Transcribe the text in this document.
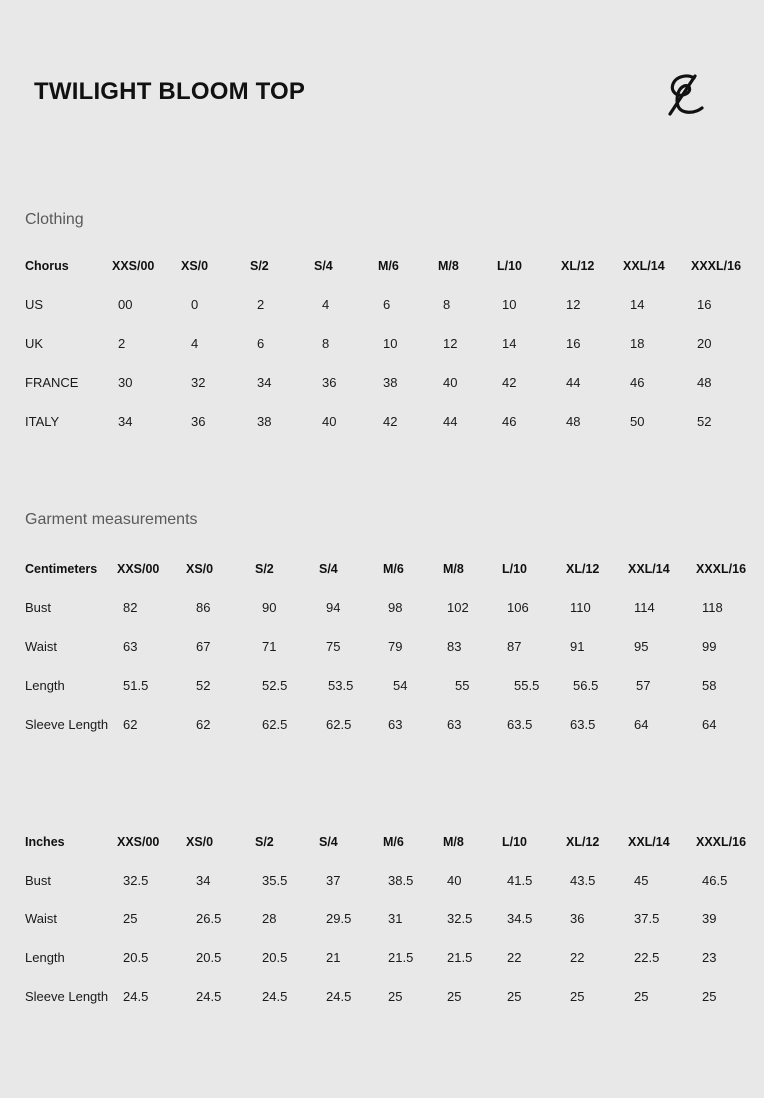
TWILIGHT BLOOM TOP
Clothing
Garment measurements
Chorus	XXS/00 XS/0	S/2	S/4	M/6	M/8	L/10	XL/12 XXL/14 XXXL/16
US	00	0	2	4	6	8	10	12	14	16
UK	2	4	6	8	10	12	14	16	18	20
FRANCE	30	32	34	36	38	40	42	44	46	48
ITALY	34	36	38	40	42	44	46	48	50	52
Centimeters XXS/00 XS/0	S/2	S/4	M/6	M/8	L/10	XL/12 XXL/14 XXXL/16
Bust	82	86	90	94	98	102	106	110	114	118
Waist	63	67	71	75	79	83	87	91	95	99
Length	51.5	52	52.5	53.5	54	55	55.5	56.5	57	58
Sleeve Length 62	62	62.5	62.5	63	63	63.5	63.5	64	64
Inches	XXS/00 XS/0	S/2	S/4	M/6	M/8	L/10	XL/12 XXL/14 XXXL/16
Bust	32.5	34	35.5	37	38.5	40	41.5	43.5	45	46.5
Waist	25	26.5	28	29.5	31	32.5	34.5	36	37.5	39
Length	20.5	20.5	20.5	21	21.5	21.5	22	22	22.5	23
Sleeve Length 24.5	24.5	24.5	24.5	25	25	25	25	25	25
